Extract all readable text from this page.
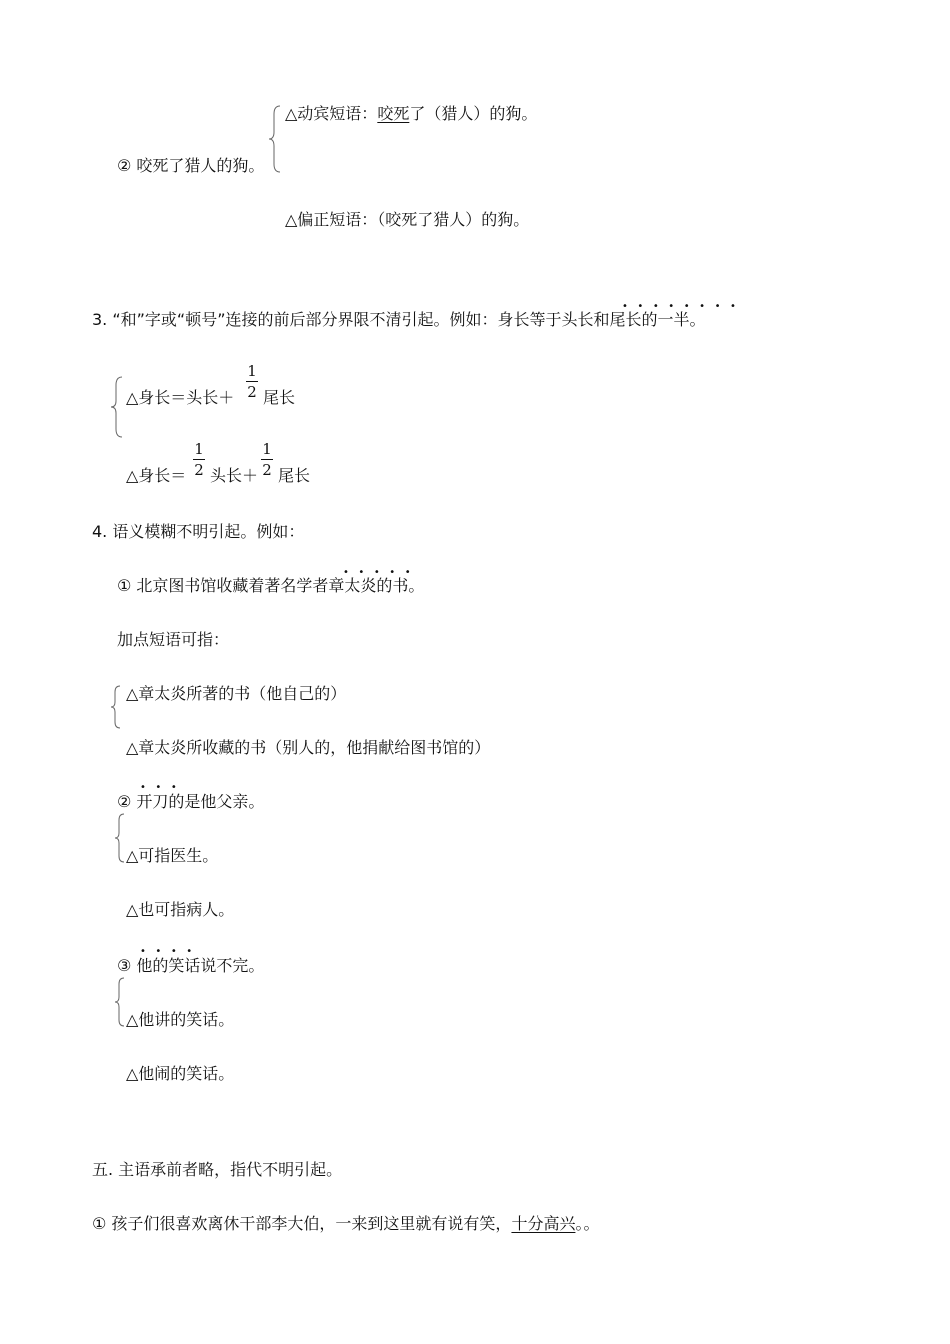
△动宾短语：咬死了（猎人）的狗。
② 咬死了猎人的狗。
△偏正短语：（咬死了猎人）的狗。
•   •   •   •   •   •   •   •
3. “和”字或“顿号”连接的前后部分界限不清引起。例如：身长等于头长和尾长的一半。
△身长＝头长＋
1
2 尾长
△身长＝
1
2 头长＋
1
2 尾长
4. 语义模糊不明引起。例如：
•   •   •   •   •
① 北京图书馆收藏着著名学者章太炎的书。
加点短语可指：
△章太炎所著的书（他自己的）
△章太炎所收藏的书（别人的，他捐献给图书馆的）
•   •   •
② 开刀的是他父亲。
△可指医生。
△也可指病人。
•   •   •   •
③ 他的笑话说不完。
△他讲的笑话。
△他闹的笑话。
五. 主语承前者略，指代不明引起。
① 孩子们很喜欢离休干部李大伯，一来到这里就有说有笑，十分高兴。。
